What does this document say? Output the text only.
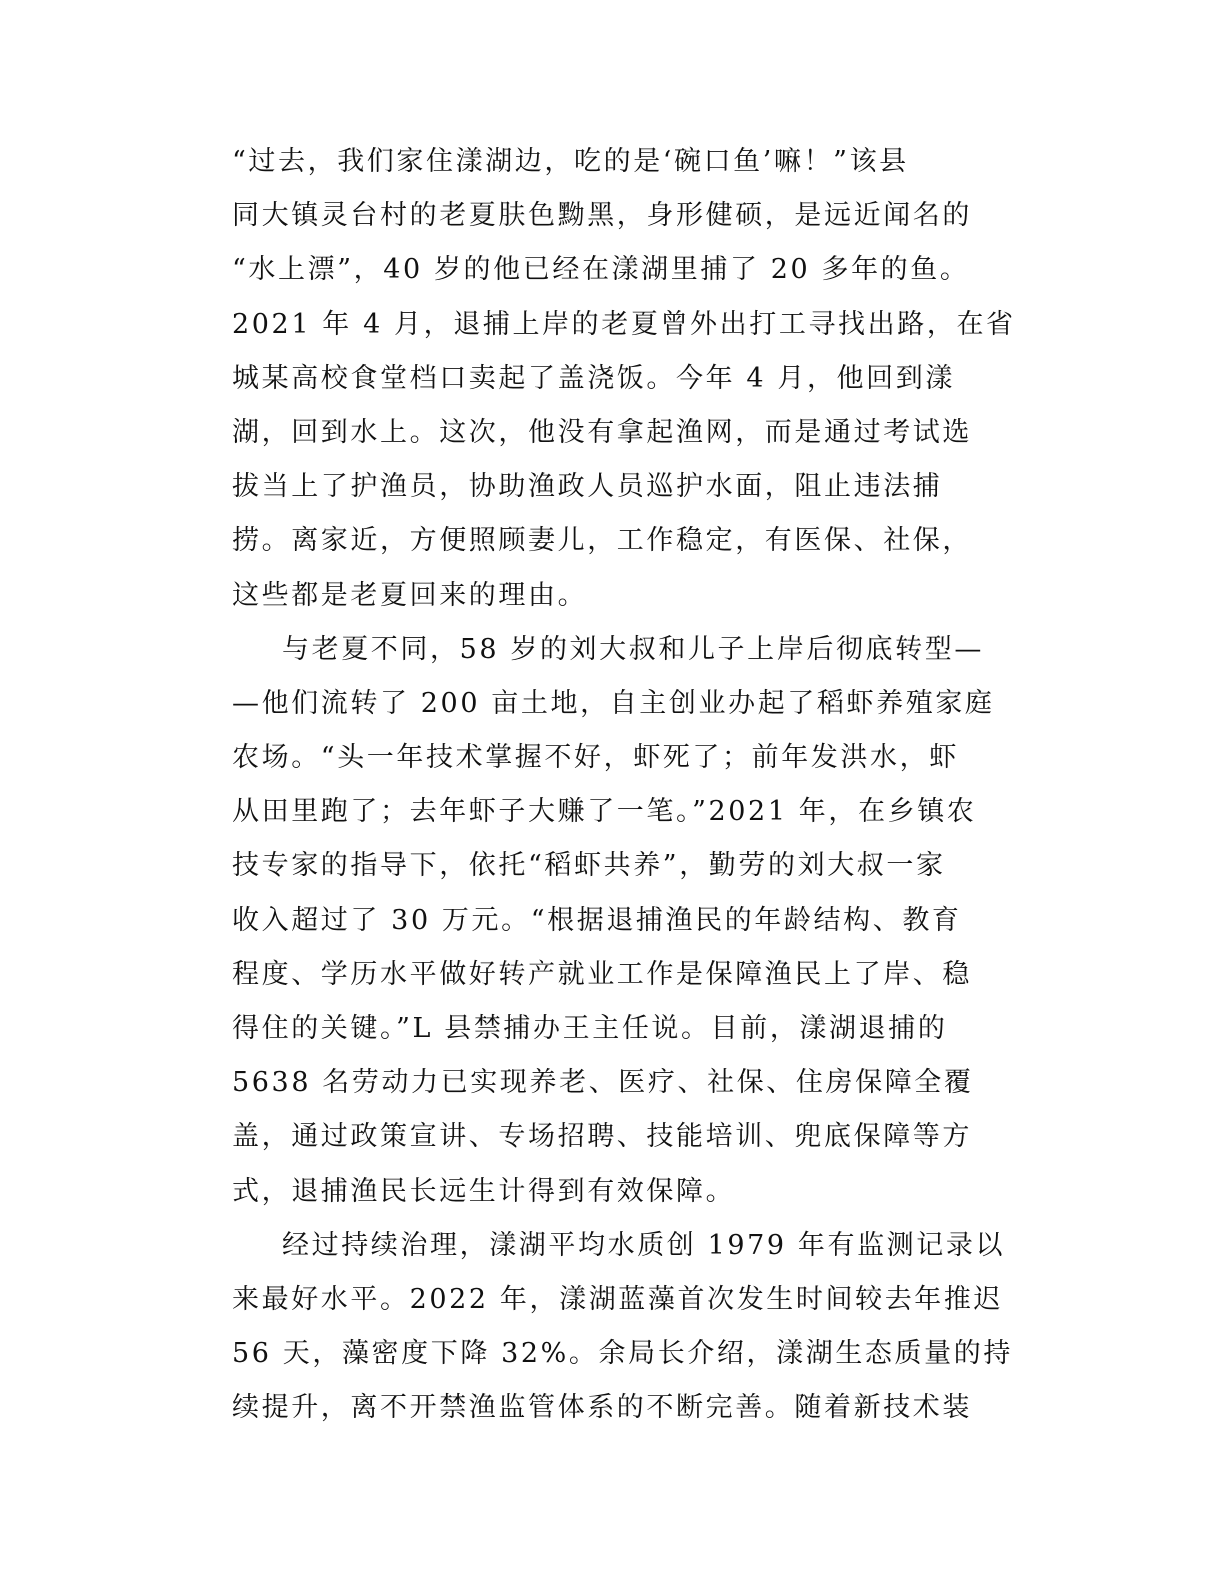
“过去，我们家住漾湖边，吃的是‘碗口鱼’嘛！”该县
同大镇灵台村的老夏肤色黝黑，身形健硕，是远近闻名的
“水上漂”，40 岁的他已经在漾湖里捕了 20 多年的鱼。
2021 年 4 月，退捕上岸的老夏曾外出打工寻找出路，在省
城某高校食堂档口卖起了盖浇饭。今年 4 月，他回到漾
湖，回到水上。这次，他没有拿起渔网，而是通过考试选
拔当上了护渔员，协助渔政人员巡护水面，阻止违法捕
捞。离家近，方便照顾妻儿，工作稳定，有医保、社保，
这些都是老夏回来的理由。
与老夏不同，58 岁的刘大叔和儿子上岸后彻底转型—
—他们流转了 200 亩土地，自主创业办起了稻虾养殖家庭
农场。“头一年技术掌握不好，虾死了；前年发洪水，虾
从田里跑了；去年虾子大赚了一笔。”2021 年，在乡镇农
技专家的指导下，依托“稻虾共养”，勤劳的刘大叔一家
收入超过了 30 万元。“根据退捕渔民的年龄结构、教育
程度、学历水平做好转产就业工作是保障渔民上了岸、稳
得住的关键。”L 县禁捕办王主任说。目前，漾湖退捕的
5638 名劳动力已实现养老、医疗、社保、住房保障全覆
盖，通过政策宣讲、专场招聘、技能培训、兜底保障等方
式，退捕渔民长远生计得到有效保障。
经过持续治理，漾湖平均水质创 1979 年有监测记录以
来最好水平。2022 年，漾湖蓝藻首次发生时间较去年推迟
56 天，藻密度下降 32%。余局长介绍，漾湖生态质量的持
续提升，离不开禁渔监管体系的不断完善。随着新技术装
